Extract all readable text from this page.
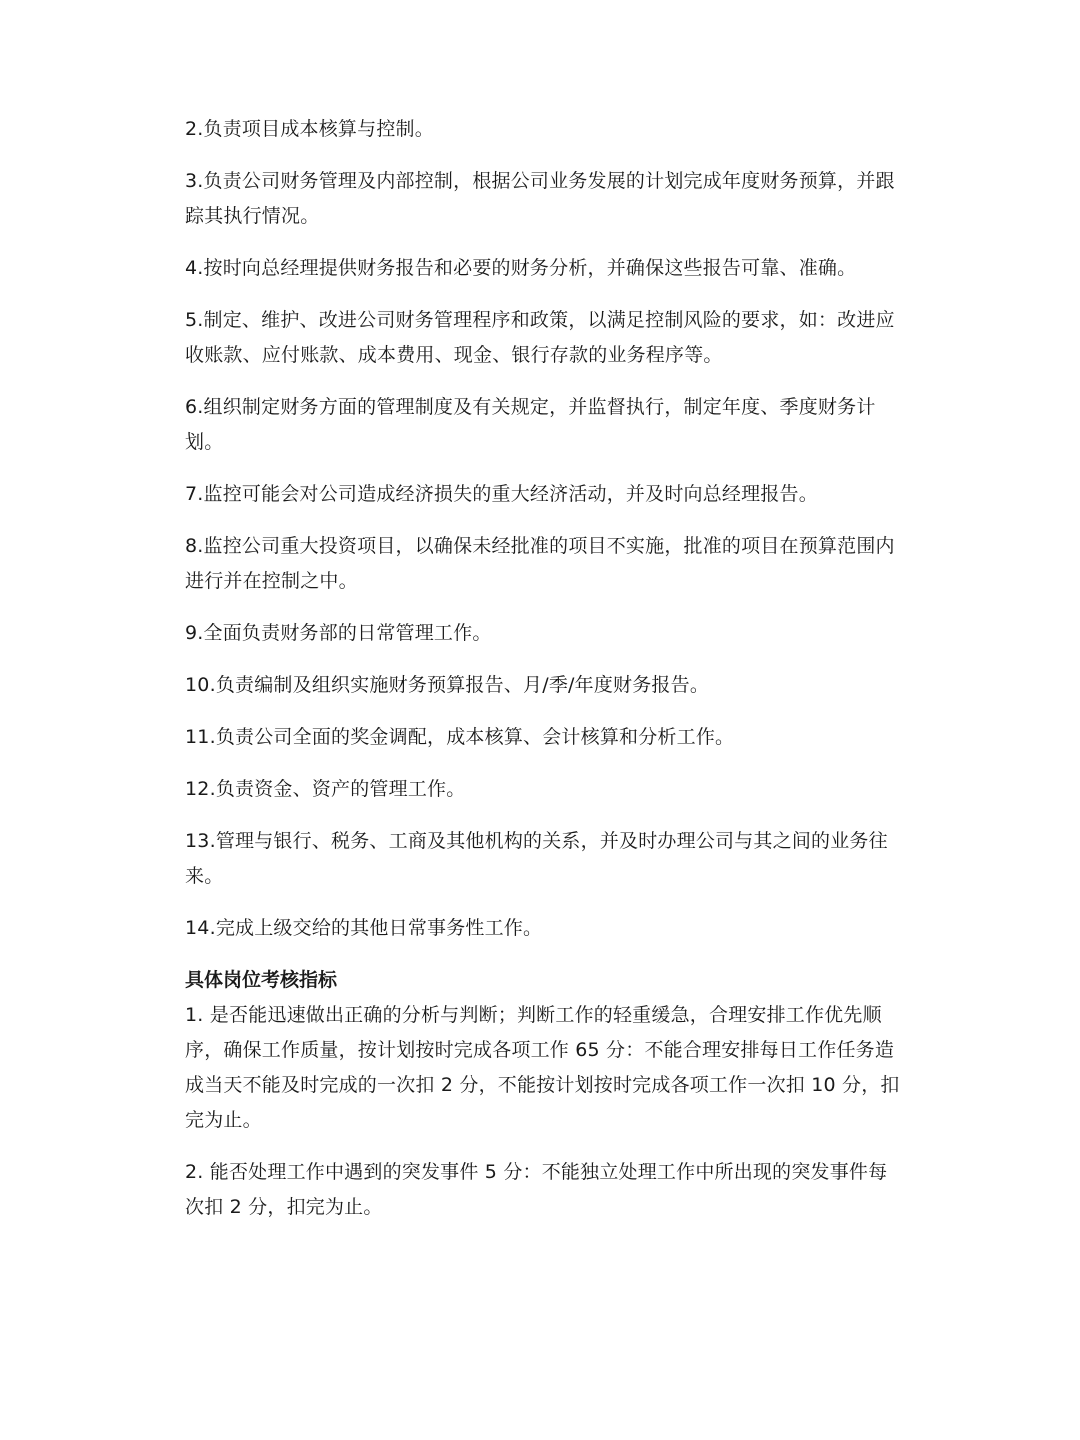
2.负责项目成本核算与控制。

3.负责公司财务管理及内部控制，根据公司业务发展的计划完成年度财务预算，并跟踪其执行情况。

4.按时向总经理提供财务报告和必要的财务分析，并确保这些报告可靠、准确。

5.制定、维护、改进公司财务管理程序和政策，以满足控制风险的要求，如：改进应收账款、应付账款、成本费用、现金、银行存款的业务程序等。

6.组织制定财务方面的管理制度及有关规定，并监督执行，制定年度、季度财务计划。

7.监控可能会对公司造成经济损失的重大经济活动，并及时向总经理报告。

8.监控公司重大投资项目，以确保未经批准的项目不实施，批准的项目在预算范围内进行并在控制之中。

9.全面负责财务部的日常管理工作。

10.负责编制及组织实施财务预算报告、月/季/年度财务报告。

11.负责公司全面的奖金调配，成本核算、会计核算和分析工作。

12.负责资金、资产的管理工作。

13.管理与银行、税务、工商及其他机构的关系，并及时办理公司与其之间的业务往来。

14.完成上级交给的其他日常事务性工作。

具体岗位考核指标

1. 是否能迅速做出正确的分析与判断；判断工作的轻重缓急，合理安排工作优先顺序，确保工作质量，按计划按时完成各项工作 65 分：不能合理安排每日工作任务造成当天不能及时完成的一次扣 2 分，不能按计划按时完成各项工作一次扣 10 分，扣完为止。

2. 能否处理工作中遇到的突发事件 5 分：不能独立处理工作中所出现的突发事件每次扣 2 分，扣完为止。
